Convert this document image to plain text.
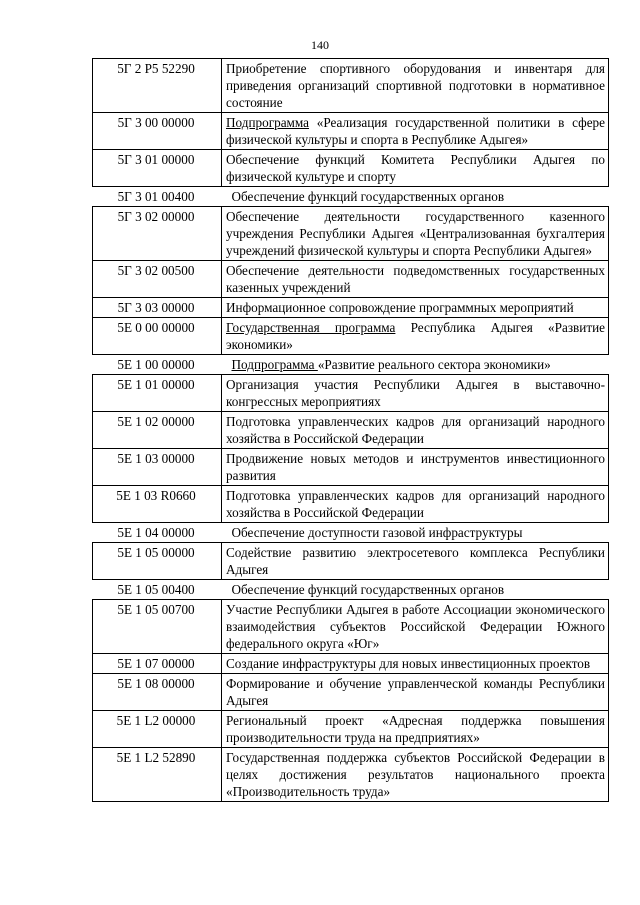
140
5Г 2 Р5 52290	Приобретение спортивного оборудования и инвентаря для приведения организаций спортивной подготовки в нормативное состояние
5Г 3 00 00000	Подпрограмма «Реализация государственной политики в сфере физической культуры и спорта в Республике Адыгея»
5Г 3 01 00000	Обеспечение функций Комитета Республики Адыгея по физической культуре и спорту
5Г 3 01 00400	Обеспечение функций государственных органов
5Г 3 02 00000	Обеспечение деятельности государственного казенного учреждения Республики Адыгея «Централизованная бухгалтерия учреждений физической культуры и спорта Республики Адыгея»
5Г 3 02 00500	Обеспечение деятельности подведомственных государственных казенных учреждений
5Г 3 03 00000	Информационное сопровождение программных мероприятий
5Е 0 00 00000	Государственная программа Республика Адыгея «Развитие экономики»
5Е 1 00 00000	Подпрограмма «Развитие реального сектора экономики»
5Е 1 01 00000	Организация участия Республики Адыгея в выставочно-конгрессных мероприятиях
5Е 1 02 00000	Подготовка управленческих кадров для организаций народного хозяйства в Российской Федерации
5Е 1 03 00000	Продвижение новых методов и инструментов инвестиционного развития
5Е 1 03 R0660	Подготовка управленческих кадров для организаций народного хозяйства в Российской Федерации
5Е 1 04 00000	Обеспечение доступности газовой инфраструктуры
5Е 1 05 00000	Содействие развитию электросетевого комплекса Республики Адыгея
5Е 1 05 00400	Обеспечение функций государственных органов
5Е 1 05 00700	Участие Республики Адыгея в работе Ассоциации экономического взаимодействия субъектов Российской Федерации Южного федерального округа «Юг»
5Е 1 07 00000	Создание инфраструктуры для новых инвестиционных проектов
5Е 1 08 00000	Формирование и обучение управленческой команды Республики Адыгея
5Е 1 L2 00000	Региональный проект «Адресная поддержка повышения производительности труда на предприятиях»
5Е 1 L2 52890	Государственная поддержка субъектов Российской Федерации в целях достижения результатов национального проекта «Производительность труда»
